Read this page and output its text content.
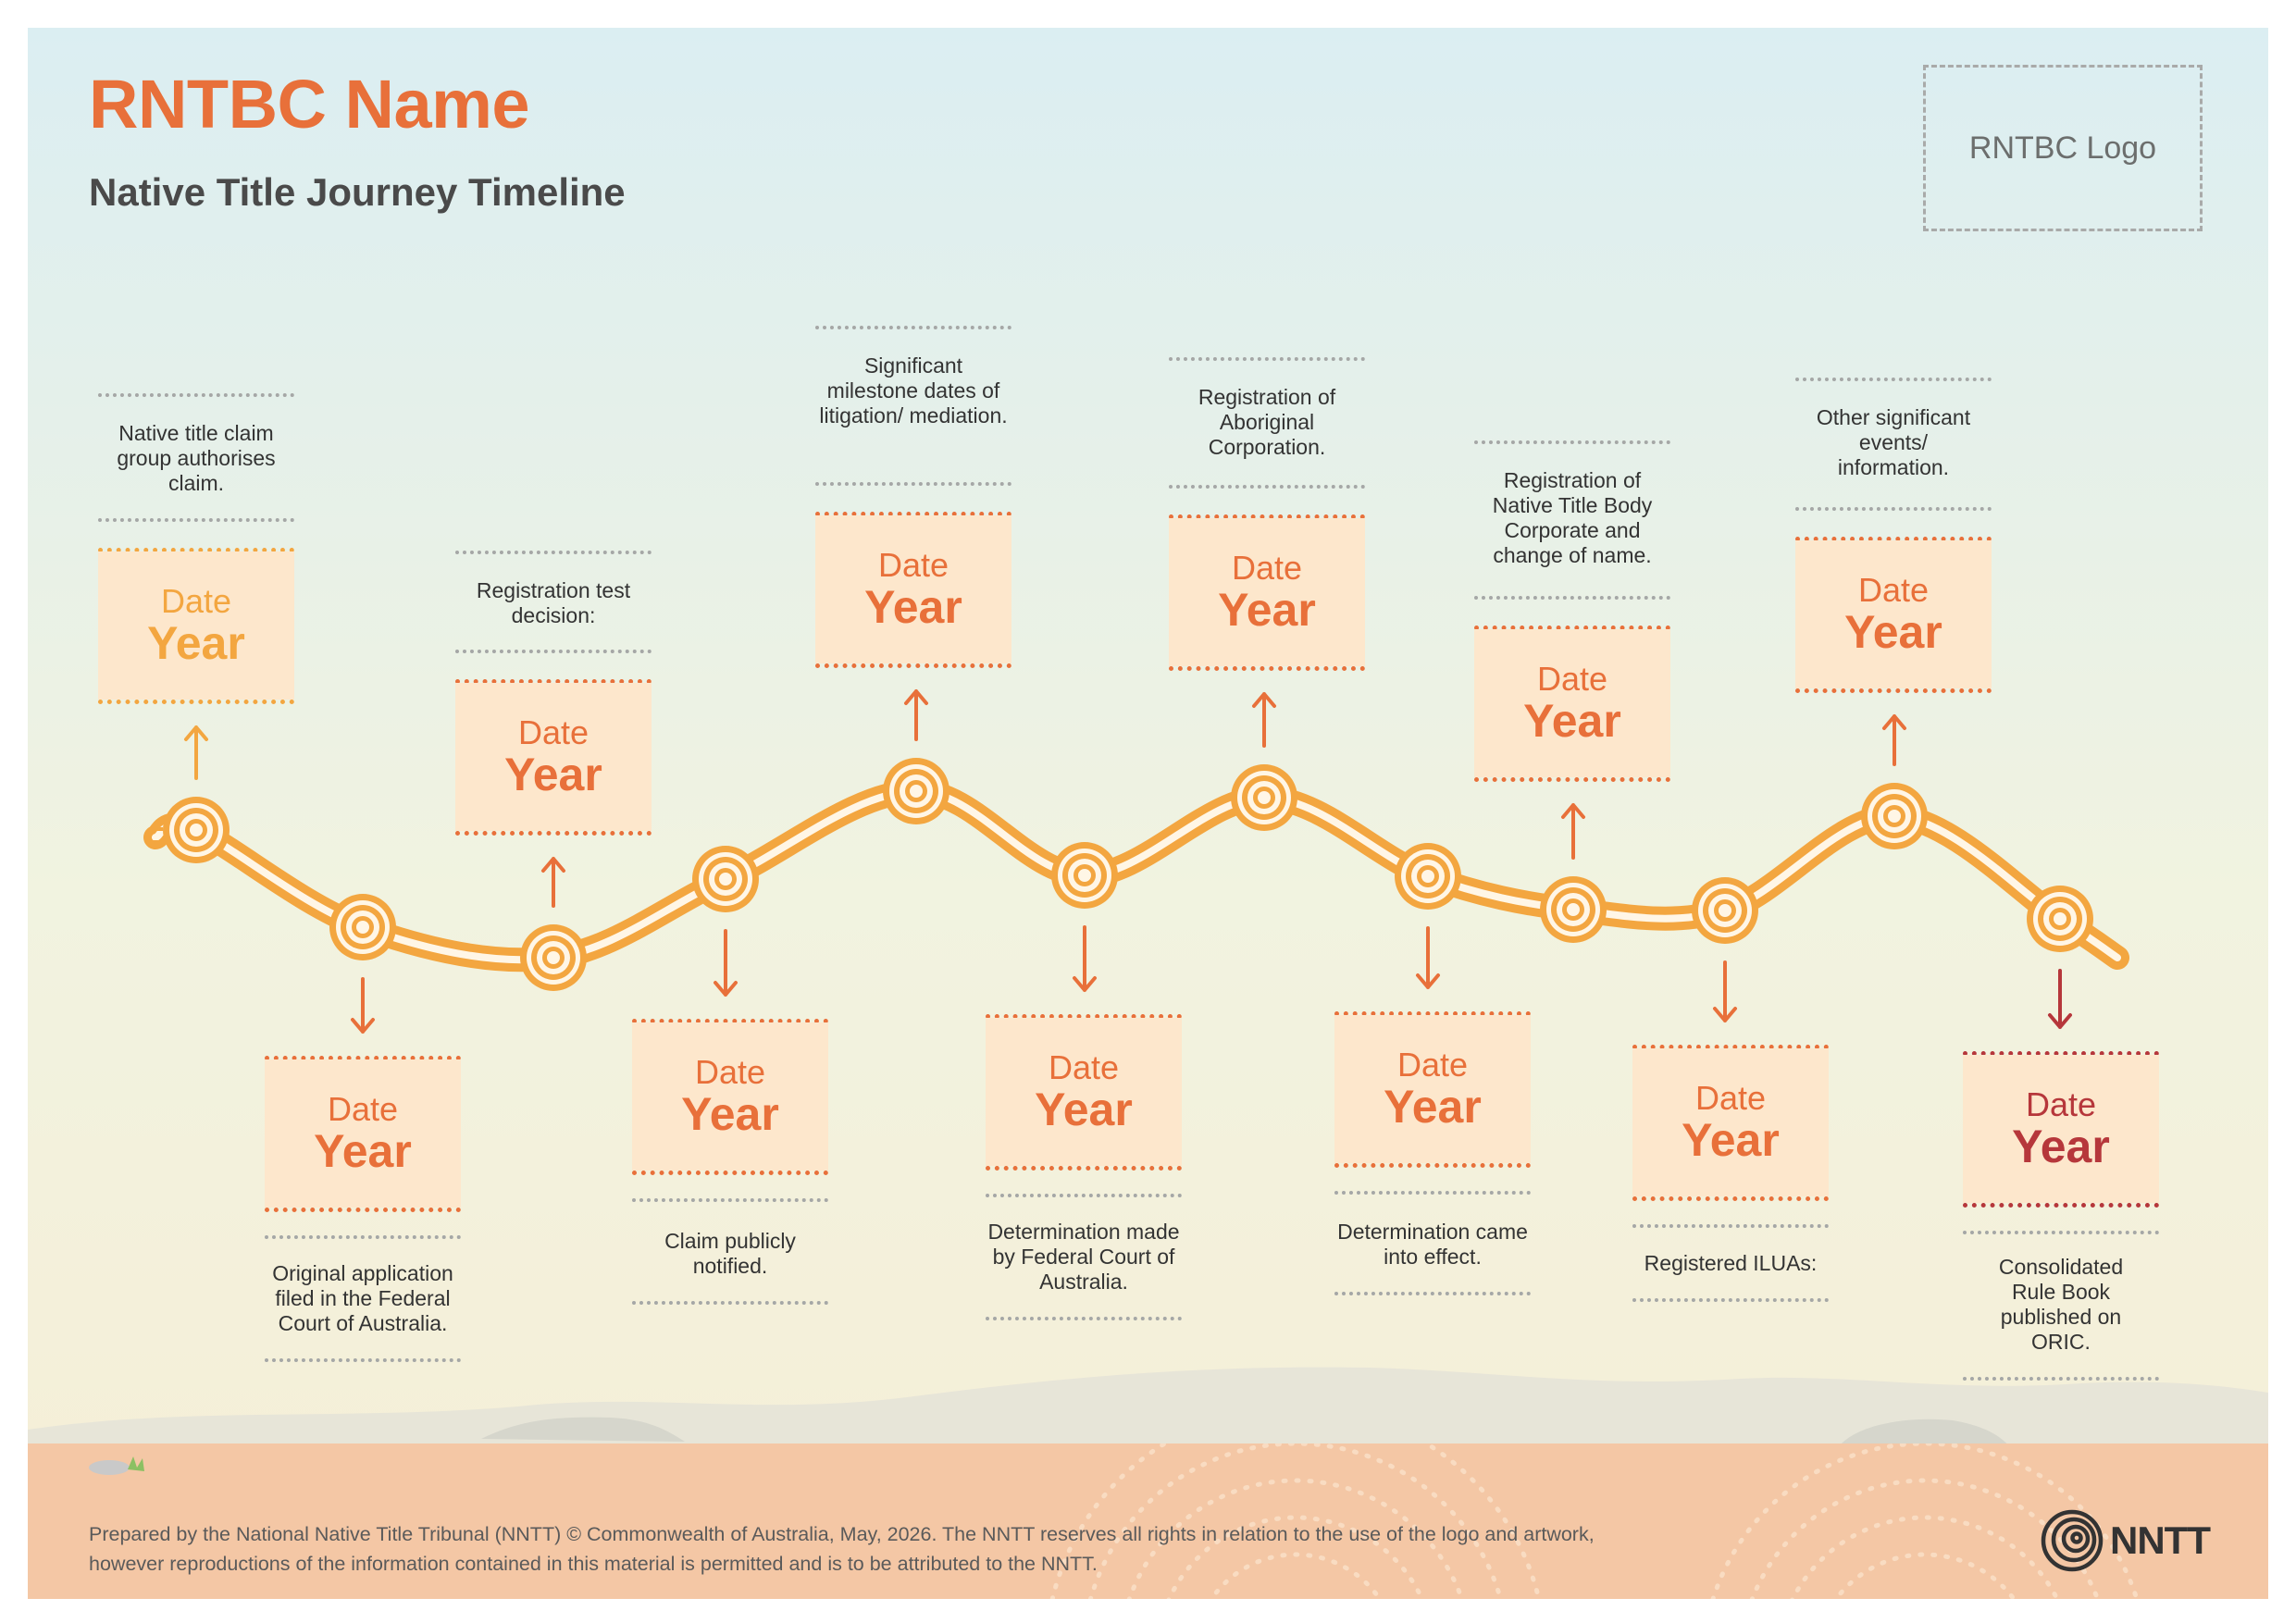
RNTBC Name
Native Title Journey Timeline
RNTBC Logo
Date
Year
Native title claim group authorises claim.
Date
Year
Original application filed in the Federal Court of Australia.
Date
Year
Registration test decision:
Date
Year
Claim publicly notified.
Date
Year
Significant milestone dates of litigation/ mediation.
Date
Year
Determination made by Federal Court of Australia.
Date
Year
Registration of Aboriginal Corporation.
Date
Year
Determination came into effect.
Date
Year
Registration of Native Title Body Corporate and change of name.
Date
Year
Registered ILUAs:
Date
Year
Other significant events/ information.
Date
Year
Consolidated Rule Book published on ORIC.
Prepared by the National Native Title Tribunal (NNTT) © Commonwealth of Australia, May, 2026. The NNTT reserves all rights in relation to the use of the logo and artwork, however reproductions of the information contained in this material is permitted and is to be attributed to the NNTT.
NNTT
